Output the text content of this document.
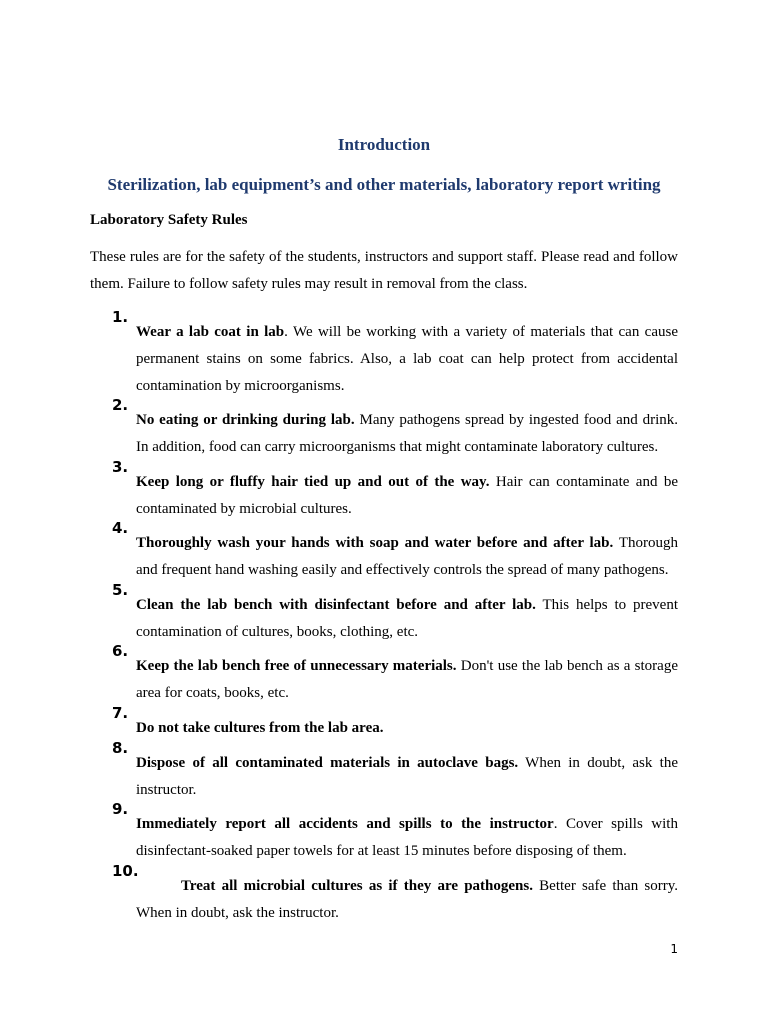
Introduction
Sterilization, lab equipment’s and other materials, laboratory report writing
Laboratory Safety Rules

These rules are for the safety of the students, instructors and support staff. Please read and follow them. Failure to follow safety rules may result in removal from the class.

1.

Wear a lab coat in lab. We will be working with a variety of materials that can cause permanent stains on some fabrics. Also, a lab coat can help protect from accidental contamination by microorganisms.

2.

No eating or drinking during lab. Many pathogens spread by ingested food and drink. In addition, food can carry microorganisms that might contaminate laboratory cultures.

3.

Keep long or fluffy hair tied up and out of the way. Hair can contaminate and be contaminated by microbial cultures.

4.

Thoroughly wash your hands with soap and water before and after lab. Thorough and frequent hand washing easily and effectively controls the spread of many pathogens.

5.

Clean the lab bench with disinfectant before and after lab. This helps to prevent contamination of cultures, books, clothing, etc.

6.

Keep the lab bench free of unnecessary materials. Don't use the lab bench as a storage area for coats, books, etc.

7.

Do not take cultures from the lab area.

8.

Dispose of all contaminated materials in autoclave bags. When in doubt, ask the instructor.

9.

Immediately report all accidents and spills to the instructor. Cover spills with disinfectant-soaked paper towels for at least 15 minutes before disposing of them.

10.

Treat all microbial cultures as if they are pathogens. Better safe than sorry. When in doubt, ask the instructor.

1
